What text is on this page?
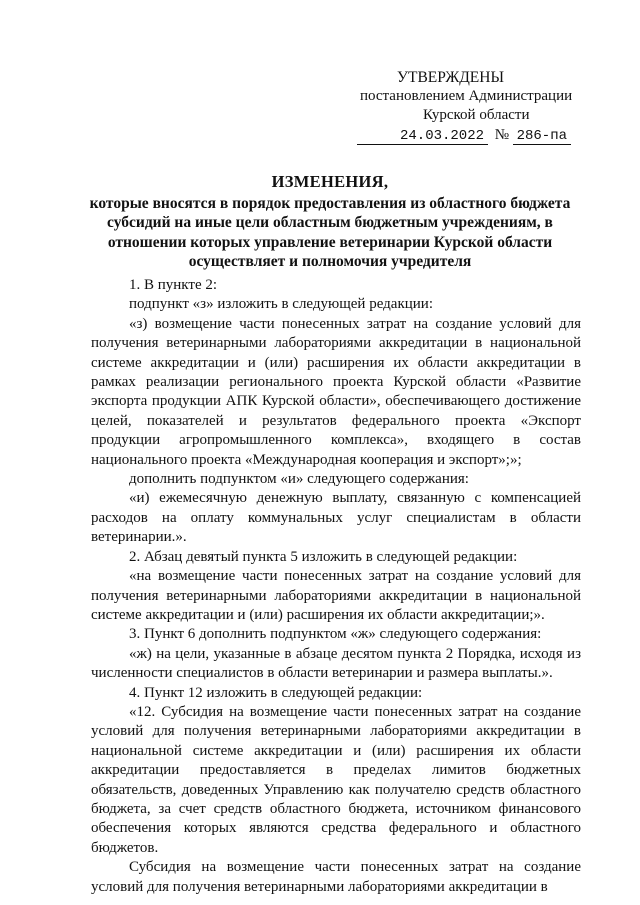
УТВЕРЖДЕНЫ
постановлением Администрации
Курской области
24.03.2022 № 286-па
ИЗМЕНЕНИЯ,
которые вносятся в порядок предоставления из областного бюджета субсидий на иные цели областным бюджетным учреждениям, в отношении которых управление ветеринарии Курской области осуществляет и полномочия учредителя

1. В пункте 2:

подпункт «з» изложить в следующей редакции:

«з) возмещение части понесенных затрат на создание условий для получения ветеринарными лабораториями аккредитации в национальной системе аккредитации и (или) расширения их области аккредитации в рамках реализации регионального проекта Курской области «Развитие экспорта продукции АПК Курской области», обеспечивающего достижение целей, показателей и результатов федерального проекта «Экспорт продукции агропромышленного комплекса», входящего в состав национального проекта «Международная кооперация и экспорт»;»;

дополнить подпунктом «и» следующего содержания:

«и) ежемесячную денежную выплату, связанную с компенсацией расходов на оплату коммунальных услуг специалистам в области ветеринарии.».

2. Абзац девятый пункта 5 изложить в следующей редакции:

«на возмещение части понесенных затрат на создание условий для получения ветеринарными лабораториями аккредитации в национальной системе аккредитации и (или) расширения их области аккредитации;».

3. Пункт 6 дополнить подпунктом «ж» следующего содержания:

«ж) на цели, указанные в абзаце десятом пункта 2 Порядка, исходя из численности специалистов в области ветеринарии и размера выплаты.».

4. Пункт 12 изложить в следующей редакции:

«12. Субсидия на возмещение части понесенных затрат на создание условий для получения ветеринарными лабораториями аккредитации в национальной системе аккредитации и (или) расширения их области аккредитации предоставляется в пределах лимитов бюджетных обязательств, доведенных Управлению как получателю средств областного бюджета, за счет средств областного бюджета, источником финансового обеспечения которых являются средства федерального и областного бюджетов.

Субсидия на возмещение части понесенных затрат на создание условий для получения ветеринарными лабораториями аккредитации в
